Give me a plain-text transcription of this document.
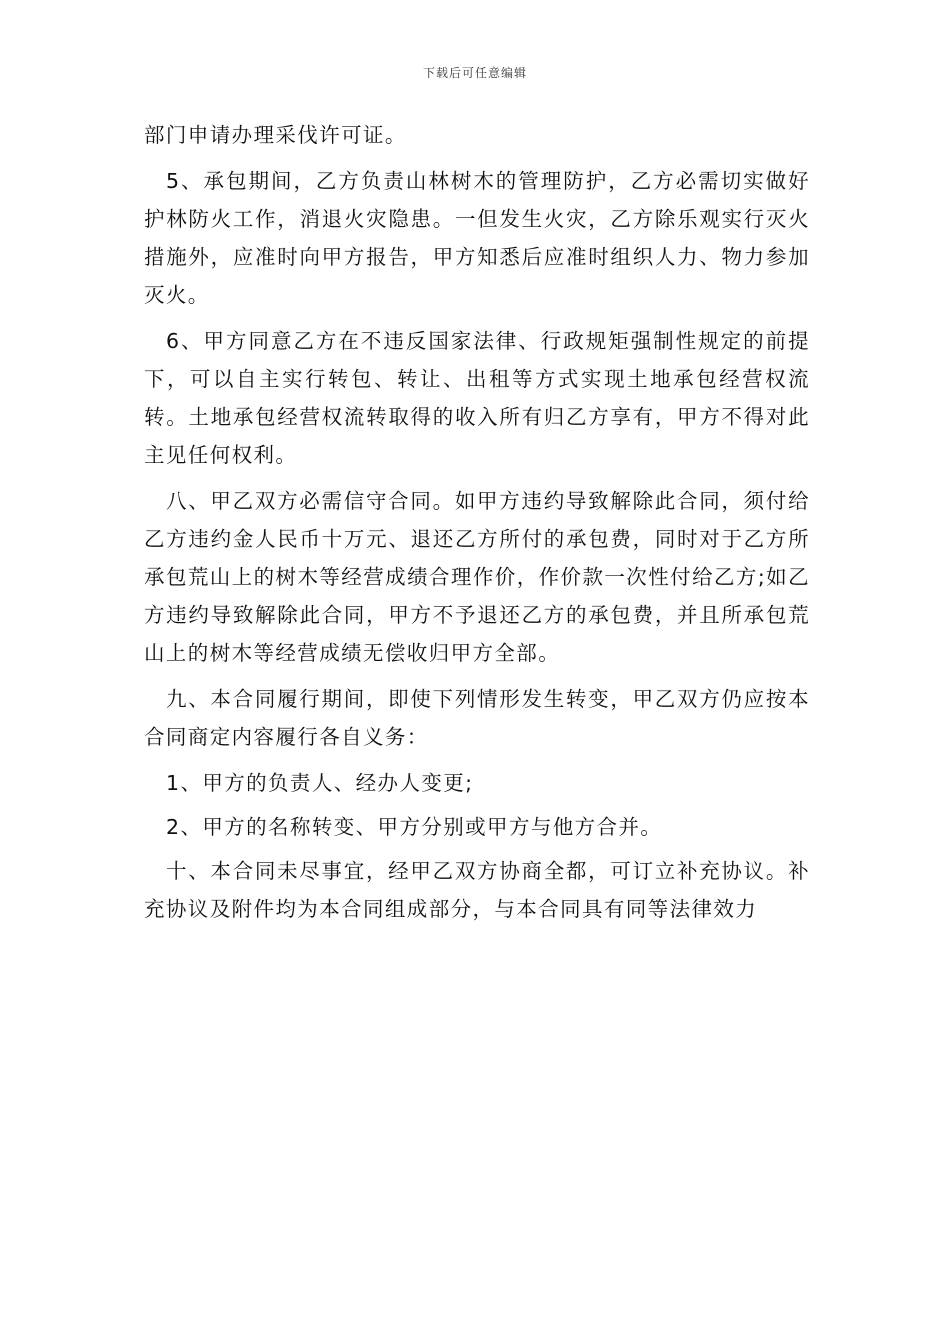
下载后可任意编辑

部门申请办理采伐许可证。

5、承包期间，乙方负责山林树木的管理防护，乙方必需切实做好护林防火工作，消退火灾隐患。一但发生火灾，乙方除乐观实行灭火措施外，应准时向甲方报告，甲方知悉后应准时组织人力、物力参加灭火。

6、甲方同意乙方在不违反国家法律、行政规矩强制性规定的前提下，可以自主实行转包、转让、出租等方式实现土地承包经营权流转。土地承包经营权流转取得的收入所有归乙方享有，甲方不得对此主见任何权利。

八、甲乙双方必需信守合同。如甲方违约导致解除此合同，须付给乙方违约金人民币十万元、退还乙方所付的承包费，同时对于乙方所承包荒山上的树木等经营成绩合理作价，作价款一次性付给乙方;如乙方违约导致解除此合同，甲方不予退还乙方的承包费，并且所承包荒山上的树木等经营成绩无偿收归甲方全部。

九、本合同履行期间，即使下列情形发生转变，甲乙双方仍应按本合同商定内容履行各自义务：

1、甲方的负责人、经办人变更;

2、甲方的名称转变、甲方分别或甲方与他方合并。

十、本合同未尽事宜，经甲乙双方协商全都，可订立补充协议。补充协议及附件均为本合同组成部分，与本合同具有同等法律效力
